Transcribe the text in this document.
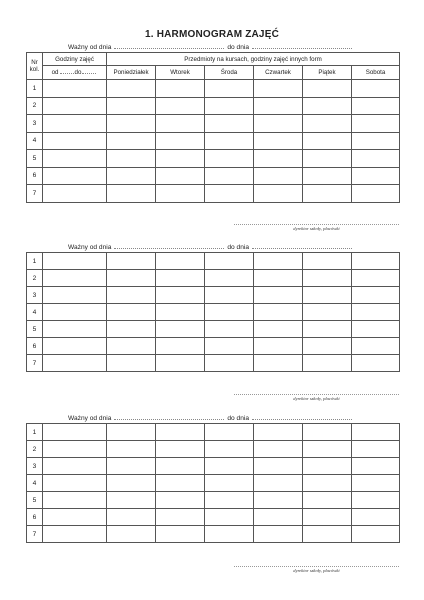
1. HARMONOGRAM ZAJĘĆ
Ważny od dnia	do dnia
Nr kol.	Godziny zajęć	Przedmioty na kursach, godziny zajęć innych form					
	od do	Poniedziałek	Wtorek	Środa	Czwartek	Piątek	Sobota
1							
2							
3							
4							
5							
6							
7							
dyrektor szkoły, placówki
Ważny od dnia	do dnia
1							
2							
3							
4							
5							
6							
7							
dyrektor szkoły, placówki
Ważny od dnia	do dnia
1							
2							
3							
4							
5							
6							
7							
dyrektor szkoły, placówki
